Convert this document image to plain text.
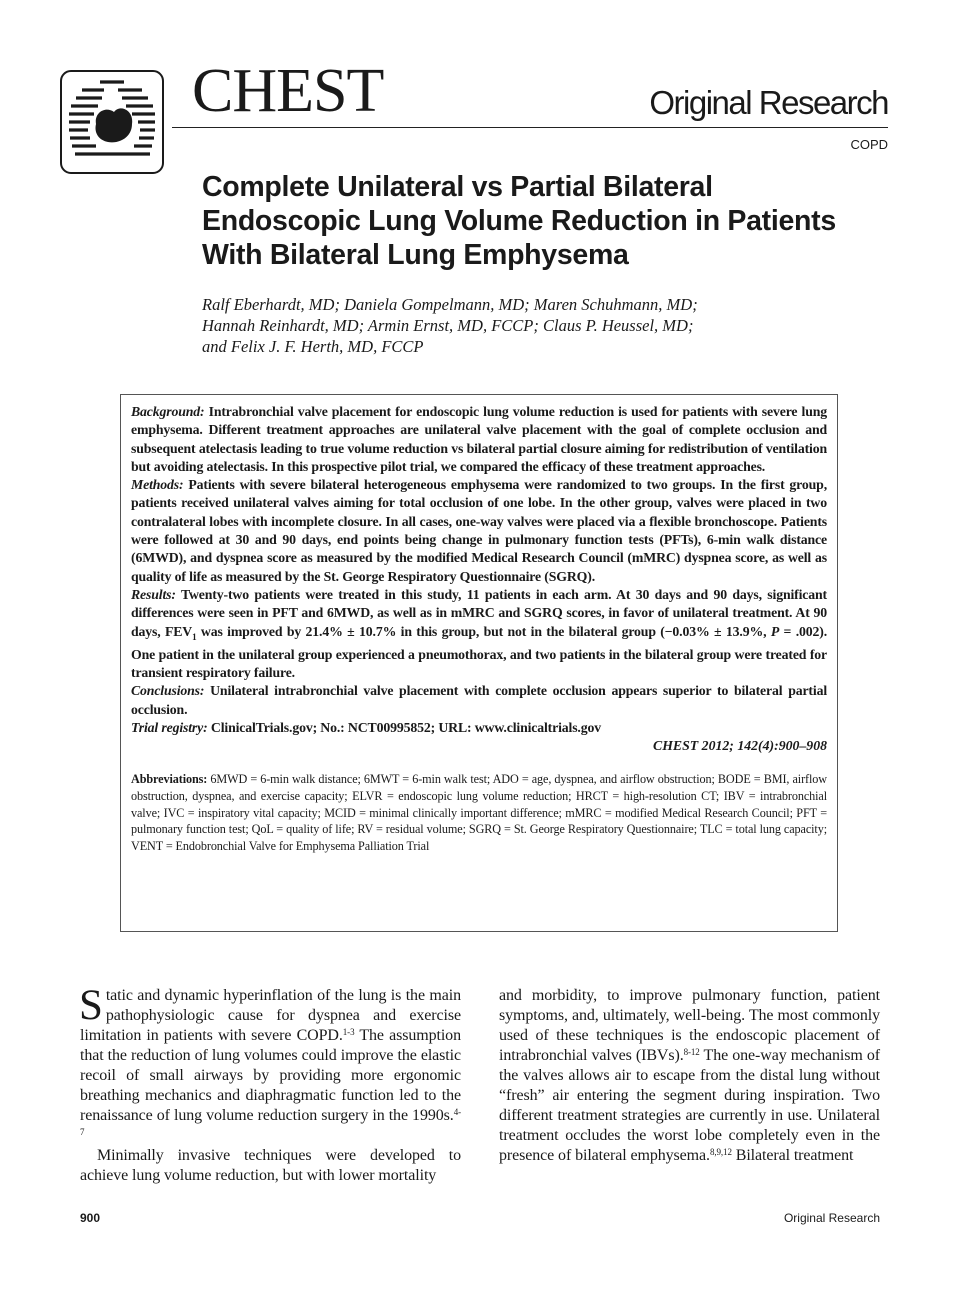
CHEST	Original Research
COPD
Complete Unilateral vs Partial Bilateral Endoscopic Lung Volume Reduction in Patients With Bilateral Lung Emphysema

Ralf Eberhardt, MD; Daniela Gompelmann, MD; Maren Schuhmann, MD;
Hannah Reinhardt, MD; Armin Ernst, MD, FCCP; Claus P. Heussel, MD;
and Felix J. F. Herth, MD, FCCP

Background: Intrabronchial valve placement for endoscopic lung volume reduction is used for patients with severe lung emphysema. Different treatment approaches are unilateral valve placement with the goal of complete occlusion and subsequent atelectasis leading to true volume reduction vs bilateral partial closure aiming for redistribution of ventilation but avoiding atelectasis. In this prospective pilot trial, we compared the efficacy of these treatment approaches.

Methods: Patients with severe bilateral heterogeneous emphysema were randomized to two groups. In the first group, patients received unilateral valves aiming for total occlusion of one lobe. In the other group, valves were placed in two contralateral lobes with incomplete closure. In all cases, one-way valves were placed via a flexible bronchoscope. Patients were followed at 30 and 90 days, end points being change in pulmonary function tests (PFTs), 6-min walk distance (6MWD), and dyspnea score as measured by the modified Medical Research Council (mMRC) dyspnea score, as well as quality of life as measured by the St. George Respiratory Questionnaire (SGRQ).

Results: Twenty-two patients were treated in this study, 11 patients in each arm. At 30 days and 90 days, significant differences were seen in PFT and 6MWD, as well as in mMRC and SGRQ scores, in favor of unilateral treatment. At 90 days, $FEV_1$ was improved by 21.4% ± 10.7% in this group, but not in the bilateral group (−0.03% ± 13.9%, P = .002). One patient in the unilateral group experienced a pneumothorax, and two patients in the bilateral group were treated for transient respiratory failure.

Conclusions: Unilateral intrabronchial valve placement with complete occlusion appears superior to bilateral partial occlusion.

Trial registry: ClinicalTrials.gov; No.: NCT00995852; URL: www.clinicaltrials.gov

CHEST 2012; 142(4):900–908

Abbreviations: 6MWD = 6-min walk distance; 6MWT = 6-min walk test; ADO = age, dyspnea, and airflow obstruction; BODE = BMI, airflow obstruction, dyspnea, and exercise capacity; ELVR = endoscopic lung volume reduction; HRCT = high-resolution CT; IBV = intrabronchial valve; IVC = inspiratory vital capacity; MCID = minimal clinically important difference; mMRC = modified Medical Research Council; PFT = pulmonary function test; QoL = quality of life; RV = residual volume; SGRQ = St. George Respiratory Questionnaire; TLC = total lung capacity; VENT = Endobronchial Valve for Emphysema Palliation Trial

Static and dynamic hyperinflation of the lung is the main pathophysiologic cause for dyspnea and exercise limitation in patients with severe COPD.$^{1-3}$ The assumption that the reduction of lung volumes could improve the elastic recoil of small airways by providing more ergonomic breathing mechanics and diaphragmatic function led to the renaissance of lung volume reduction surgery in the 1990s.$^{4-7}$

Minimally invasive techniques were developed to achieve lung volume reduction, but with lower mortality

and morbidity, to improve pulmonary function, patient symptoms, and, ultimately, well-being. The most commonly used of these techniques is the endoscopic placement of intrabronchial valves (IBVs).$^{8-12}$ The one-way mechanism of the valves allows air to escape from the distal lung without “fresh” air entering the segment during inspiration. Two different treatment strategies are currently in use. Unilateral treatment occludes the worst lobe completely even in the presence of bilateral emphysema.$^{8,9,12}$ Bilateral treatment

900	Original Research
